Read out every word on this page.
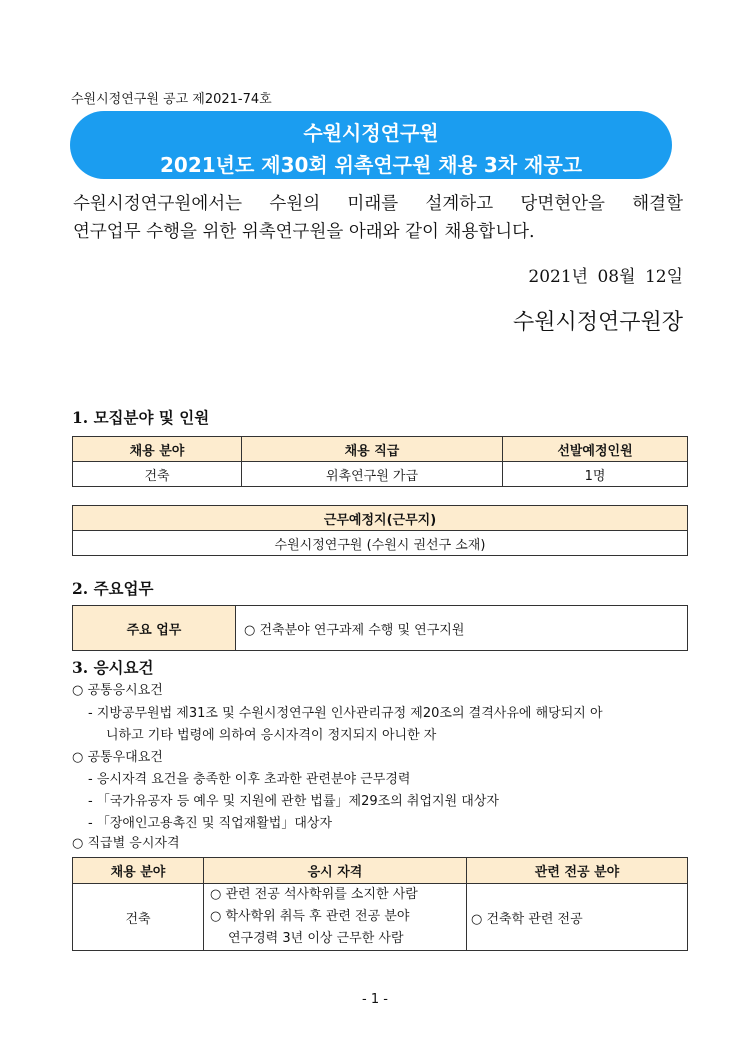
수원시정연구원 공고 제2021-74호
수원시정연구원
2021년도 제30회 위촉연구원 채용 3차 재공고
수원시정연구원에서는 수원의 미래를 설계하고 당면현안을 해결할
연구업무 수행을 위한 위촉연구원을 아래와 같이 채용합니다.
2021년 08월 12일
수원시정연구원장
1. 모집분야 및 인원
채용 분야	채용 직급	선발예정인원
건축	위촉연구원 가급	1명
근무예정지(근무지)
수원시정연구원 (수원시 권선구 소재)
2. 주요업무
주요 업무	○ 건축분야 연구과제 수행 및 연구지원
3. 응시요건
○ 공통응시요건
- 지방공무원법 제31조 및 수원시정연구원 인사관리규정 제20조의 결격사유에 해당되지 아
니하고 기타 법령에 의하여 응시자격이 정지되지 아니한 자
○ 공통우대요건
- 응시자격 요건을 충족한 이후 초과한 관련분야 근무경력
- 「국가유공자 등 예우 및 지원에 관한 법률」제29조의 취업지원 대상자
- 「장애인고용촉진 및 직업재활법」대상자
○ 직급별 응시자격
채용 분야	응시 자격	관련 전공 분야
건축	○ 관련 전공 석사학위를 소지한 사람
○ 학사학위 취득 후 관련 전공 분야
연구경력 3년 이상 근무한 사람	○ 건축학 관련 전공
- 1 -
